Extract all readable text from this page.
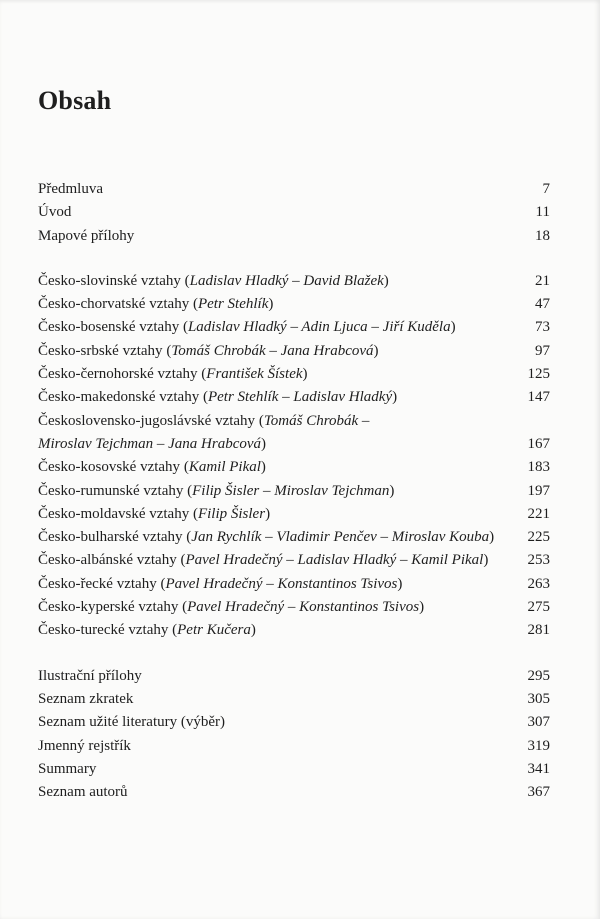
Obsah
Předmluva	7
Úvod	11
Mapové přílohy	18
Česko-slovinské vztahy (Ladislav Hladký – David Blažek)	21
Česko-chorvatské vztahy (Petr Stehlík)	47
Česko-bosenské vztahy (Ladislav Hladký – Adin Ljuca – Jiří Kuděla)	73
Česko-srbské vztahy (Tomáš Chrobák – Jana Hrabcová)	97
Česko-černohorské vztahy (František Šístek)	125
Česko-makedonské vztahy (Petr Stehlík – Ladislav Hladký)	147
Československo-jugoslávské vztahy (Tomáš Chrobák –
Miroslav Tejchman – Jana Hrabcová)	167
Česko-kosovské vztahy (Kamil Pikal)	183
Česko-rumunské vztahy (Filip Šisler – Miroslav Tejchman)	197
Česko-moldavské vztahy (Filip Šisler)	221
Česko-bulharské vztahy (Jan Rychlík – Vladimir Penčev – Miroslav Kouba)	225
Česko-albánské vztahy (Pavel Hradečný – Ladislav Hladký – Kamil Pikal)	253
Česko-řecké vztahy (Pavel Hradečný – Konstantinos Tsivos)	263
Česko-kyperské vztahy (Pavel Hradečný – Konstantinos Tsivos)	275
Česko-turecké vztahy (Petr Kučera)	281
Ilustrační přílohy	295
Seznam zkratek	305
Seznam užité literatury (výběr)	307
Jmenný rejstřík	319
Summary	341
Seznam autorů	367
